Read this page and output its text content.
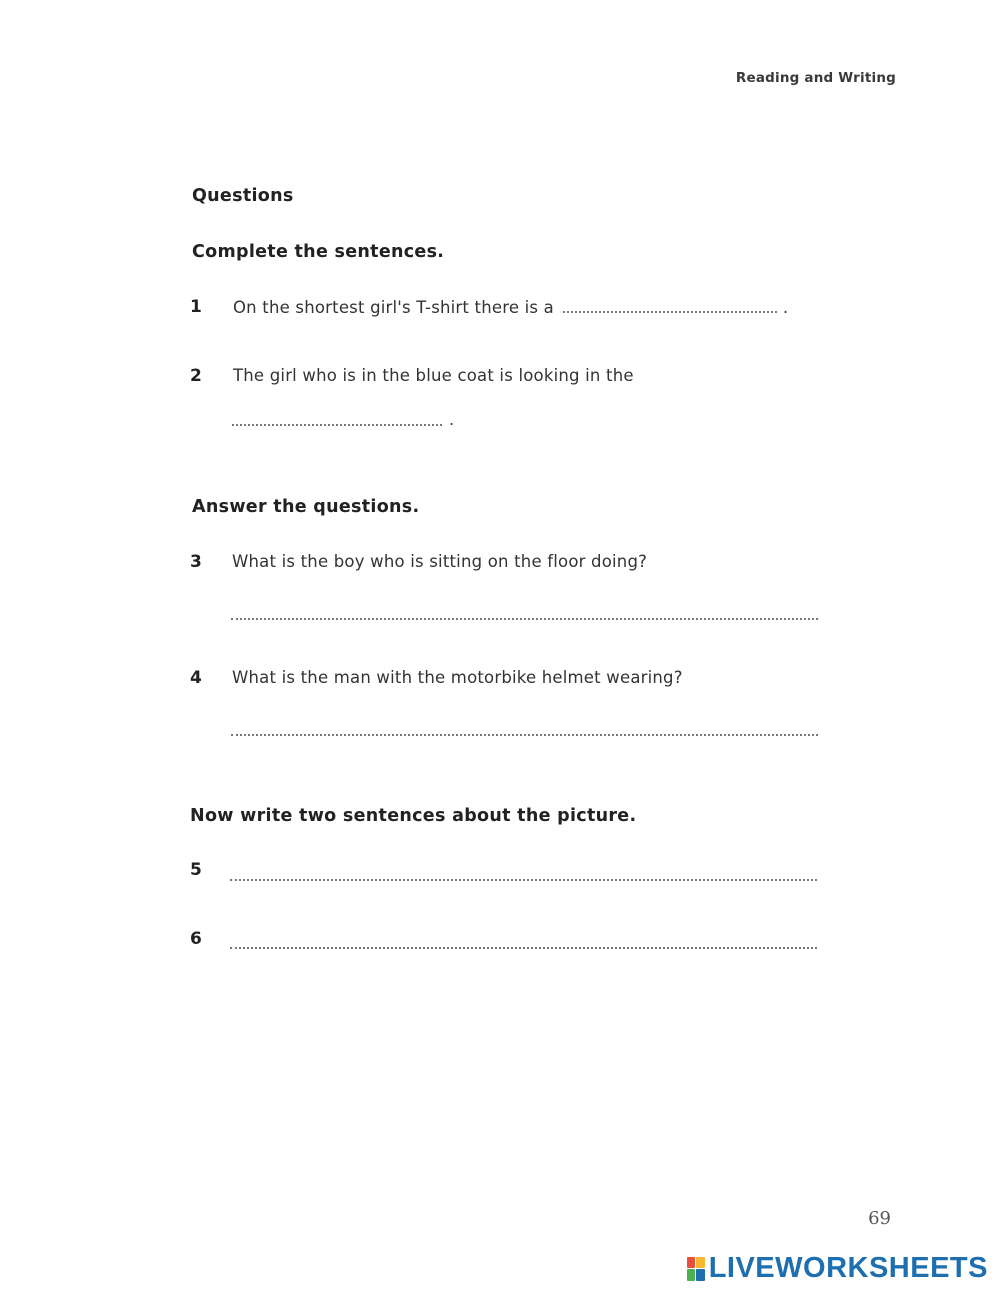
Reading and Writing
Questions
Complete the sentences.
1 On the shortest girl's T-shirt there is a	.
2 The girl who is in the blue coat is looking in the
.
Answer the questions.
3 What is the boy who is sitting on the floor doing?
4 What is the man with the motorbike helmet wearing?
Now write two sentences about the picture.
5
6
69
LIVEWORKSHEETS
